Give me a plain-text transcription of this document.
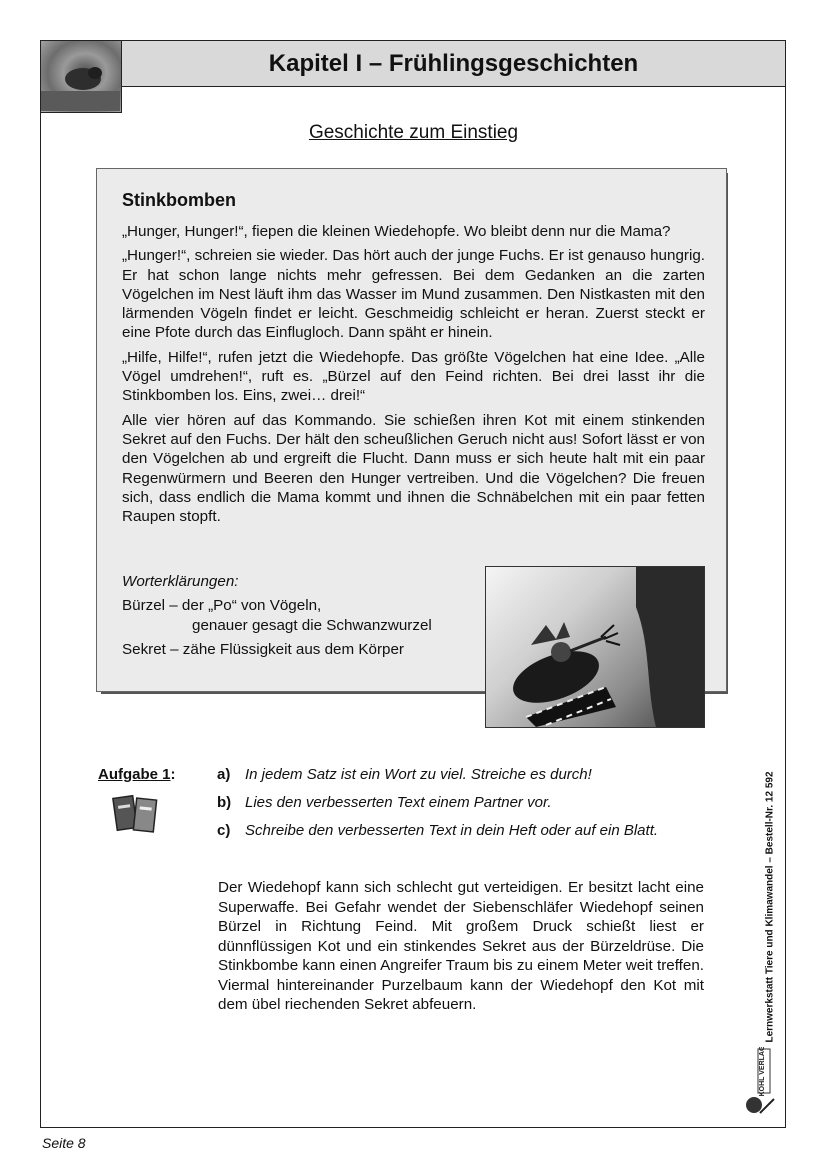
Kapitel I – Frühlingsgeschichten
Geschichte zum Einstieg
Stinkbomben

„Hunger, Hunger!“, fiepen die kleinen Wiedehopfe. Wo bleibt denn nur die Mama?

„Hunger!“, schreien sie wieder. Das hört auch der junge Fuchs. Er ist genauso hungrig. Er hat schon lange nichts mehr gefressen. Bei dem Gedanken an die zarten Vögelchen im Nest läuft ihm das Wasser im Mund zusammen. Den Nistkasten mit den lärmenden Vögeln findet er leicht. Geschmeidig schleicht er heran. Zuerst steckt er eine Pfote durch das Einflugloch. Dann späht er hinein.

„Hilfe, Hilfe!“, rufen jetzt die Wiedehopfe. Das größte Vögelchen hat eine Idee. „Alle Vögel umdrehen!“, ruft es. „Bürzel auf den Feind richten. Bei drei lasst ihr die Stinkbomben los. Eins, zwei… drei!“

Alle vier hören auf das Kommando. Sie schießen ihren Kot mit einem stinkenden Sekret auf den Fuchs. Der hält den scheußlichen Geruch nicht aus! Sofort lässt er von den Vögelchen ab und ergreift die Flucht. Dann muss er sich heute halt mit ein paar Regenwürmern und Beeren den Hunger vertreiben. Und die Vögelchen? Die freuen sich, dass endlich die Mama kommt und ihnen die Schnäbelchen mit ein paar fetten Raupen stopft.

Worterklärungen:
Bürzel – der „Po“ von Vögeln,
genauer gesagt die Schwanzwurzel
Sekret – zähe Flüssigkeit aus dem Körper
Aufgabe 1:	a) In jedem Satz ist ein Wort zu viel. Streiche es durch!
b) Lies den verbesserten Text einem Partner vor.
c) Schreibe den verbesserten Text in dein Heft oder auf ein Blatt.
Der Wiedehopf kann sich schlecht gut verteidigen. Er besitzt lacht eine Superwaffe. Bei Gefahr wendet der Siebenschläfer Wiedehopf seinen Bürzel in Richtung Feind. Mit großem Druck schießt liest er dünnflüssigen Kot und ein stinkendes Sekret aus der Bürzeldrüse. Die Stinkbombe kann einen Angreifer Traum bis zu einem Meter weit treffen. Viermal hintereinander Purzelbaum kann der Wiedehopf den Kot mit dem übel riechenden Sekret abfeuern.	Lernwerkstatt Tiere und Klimawandel – Bestell-Nr. 12 592
KOHL VERLAG
Seite 8
